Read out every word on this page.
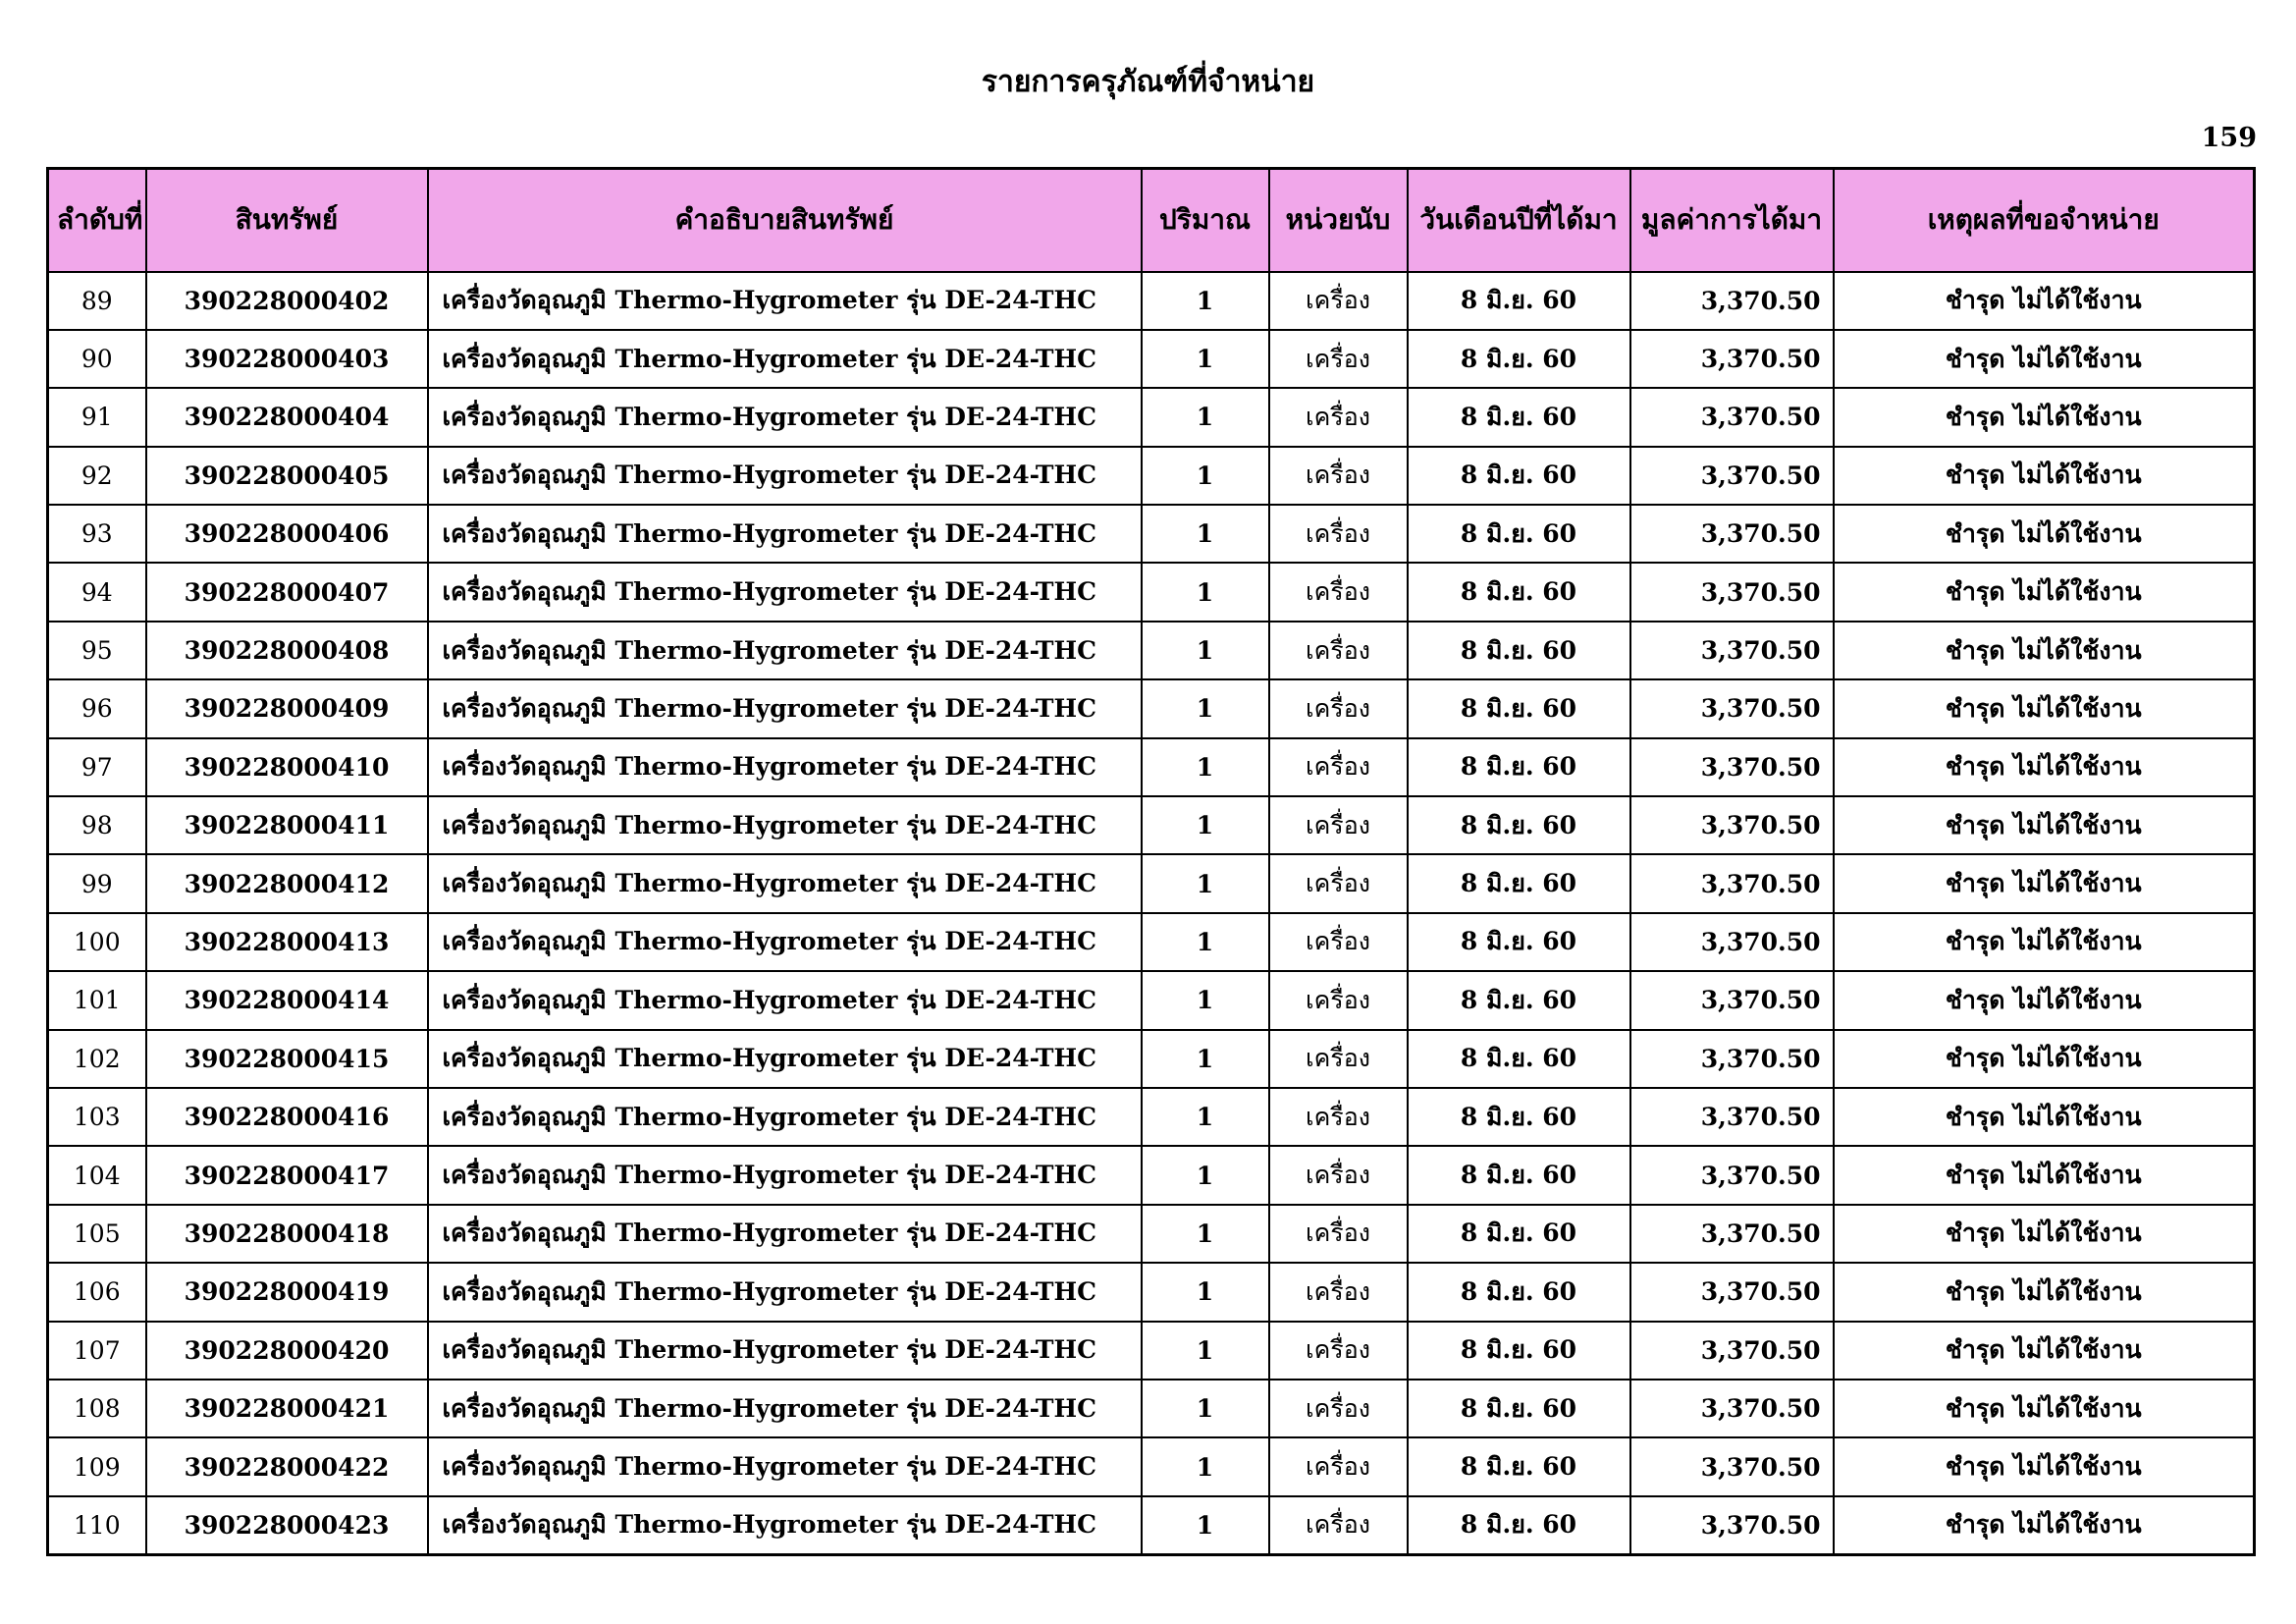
รายการครุภัณฑ์ที่จำหน่าย
159
ลำดับที่	สินทรัพย์	คำอธิบายสินทรัพย์	ปริมาณ	หน่วยนับ	วันเดือนปีที่ได้มา	มูลค่าการได้มา	เหตุผลที่ขอจำหน่าย
89	390228000402	เครื่องวัดอุณภูมิ Thermo-Hygrometer รุ่น DE-24-THC	1	เครื่อง	8 มิ.ย. 60	3,370.50	ชำรุด ไม่ได้ใช้งาน
90	390228000403	เครื่องวัดอุณภูมิ Thermo-Hygrometer รุ่น DE-24-THC	1	เครื่อง	8 มิ.ย. 60	3,370.50	ชำรุด ไม่ได้ใช้งาน
91	390228000404	เครื่องวัดอุณภูมิ Thermo-Hygrometer รุ่น DE-24-THC	1	เครื่อง	8 มิ.ย. 60	3,370.50	ชำรุด ไม่ได้ใช้งาน
92	390228000405	เครื่องวัดอุณภูมิ Thermo-Hygrometer รุ่น DE-24-THC	1	เครื่อง	8 มิ.ย. 60	3,370.50	ชำรุด ไม่ได้ใช้งาน
93	390228000406	เครื่องวัดอุณภูมิ Thermo-Hygrometer รุ่น DE-24-THC	1	เครื่อง	8 มิ.ย. 60	3,370.50	ชำรุด ไม่ได้ใช้งาน
94	390228000407	เครื่องวัดอุณภูมิ Thermo-Hygrometer รุ่น DE-24-THC	1	เครื่อง	8 มิ.ย. 60	3,370.50	ชำรุด ไม่ได้ใช้งาน
95	390228000408	เครื่องวัดอุณภูมิ Thermo-Hygrometer รุ่น DE-24-THC	1	เครื่อง	8 มิ.ย. 60	3,370.50	ชำรุด ไม่ได้ใช้งาน
96	390228000409	เครื่องวัดอุณภูมิ Thermo-Hygrometer รุ่น DE-24-THC	1	เครื่อง	8 มิ.ย. 60	3,370.50	ชำรุด ไม่ได้ใช้งาน
97	390228000410	เครื่องวัดอุณภูมิ Thermo-Hygrometer รุ่น DE-24-THC	1	เครื่อง	8 มิ.ย. 60	3,370.50	ชำรุด ไม่ได้ใช้งาน
98	390228000411	เครื่องวัดอุณภูมิ Thermo-Hygrometer รุ่น DE-24-THC	1	เครื่อง	8 มิ.ย. 60	3,370.50	ชำรุด ไม่ได้ใช้งาน
99	390228000412	เครื่องวัดอุณภูมิ Thermo-Hygrometer รุ่น DE-24-THC	1	เครื่อง	8 มิ.ย. 60	3,370.50	ชำรุด ไม่ได้ใช้งาน
100	390228000413	เครื่องวัดอุณภูมิ Thermo-Hygrometer รุ่น DE-24-THC	1	เครื่อง	8 มิ.ย. 60	3,370.50	ชำรุด ไม่ได้ใช้งาน
101	390228000414	เครื่องวัดอุณภูมิ Thermo-Hygrometer รุ่น DE-24-THC	1	เครื่อง	8 มิ.ย. 60	3,370.50	ชำรุด ไม่ได้ใช้งาน
102	390228000415	เครื่องวัดอุณภูมิ Thermo-Hygrometer รุ่น DE-24-THC	1	เครื่อง	8 มิ.ย. 60	3,370.50	ชำรุด ไม่ได้ใช้งาน
103	390228000416	เครื่องวัดอุณภูมิ Thermo-Hygrometer รุ่น DE-24-THC	1	เครื่อง	8 มิ.ย. 60	3,370.50	ชำรุด ไม่ได้ใช้งาน
104	390228000417	เครื่องวัดอุณภูมิ Thermo-Hygrometer รุ่น DE-24-THC	1	เครื่อง	8 มิ.ย. 60	3,370.50	ชำรุด ไม่ได้ใช้งาน
105	390228000418	เครื่องวัดอุณภูมิ Thermo-Hygrometer รุ่น DE-24-THC	1	เครื่อง	8 มิ.ย. 60	3,370.50	ชำรุด ไม่ได้ใช้งาน
106	390228000419	เครื่องวัดอุณภูมิ Thermo-Hygrometer รุ่น DE-24-THC	1	เครื่อง	8 มิ.ย. 60	3,370.50	ชำรุด ไม่ได้ใช้งาน
107	390228000420	เครื่องวัดอุณภูมิ Thermo-Hygrometer รุ่น DE-24-THC	1	เครื่อง	8 มิ.ย. 60	3,370.50	ชำรุด ไม่ได้ใช้งาน
108	390228000421	เครื่องวัดอุณภูมิ Thermo-Hygrometer รุ่น DE-24-THC	1	เครื่อง	8 มิ.ย. 60	3,370.50	ชำรุด ไม่ได้ใช้งาน
109	390228000422	เครื่องวัดอุณภูมิ Thermo-Hygrometer รุ่น DE-24-THC	1	เครื่อง	8 มิ.ย. 60	3,370.50	ชำรุด ไม่ได้ใช้งาน
110	390228000423	เครื่องวัดอุณภูมิ Thermo-Hygrometer รุ่น DE-24-THC	1	เครื่อง	8 มิ.ย. 60	3,370.50	ชำรุด ไม่ได้ใช้งาน
